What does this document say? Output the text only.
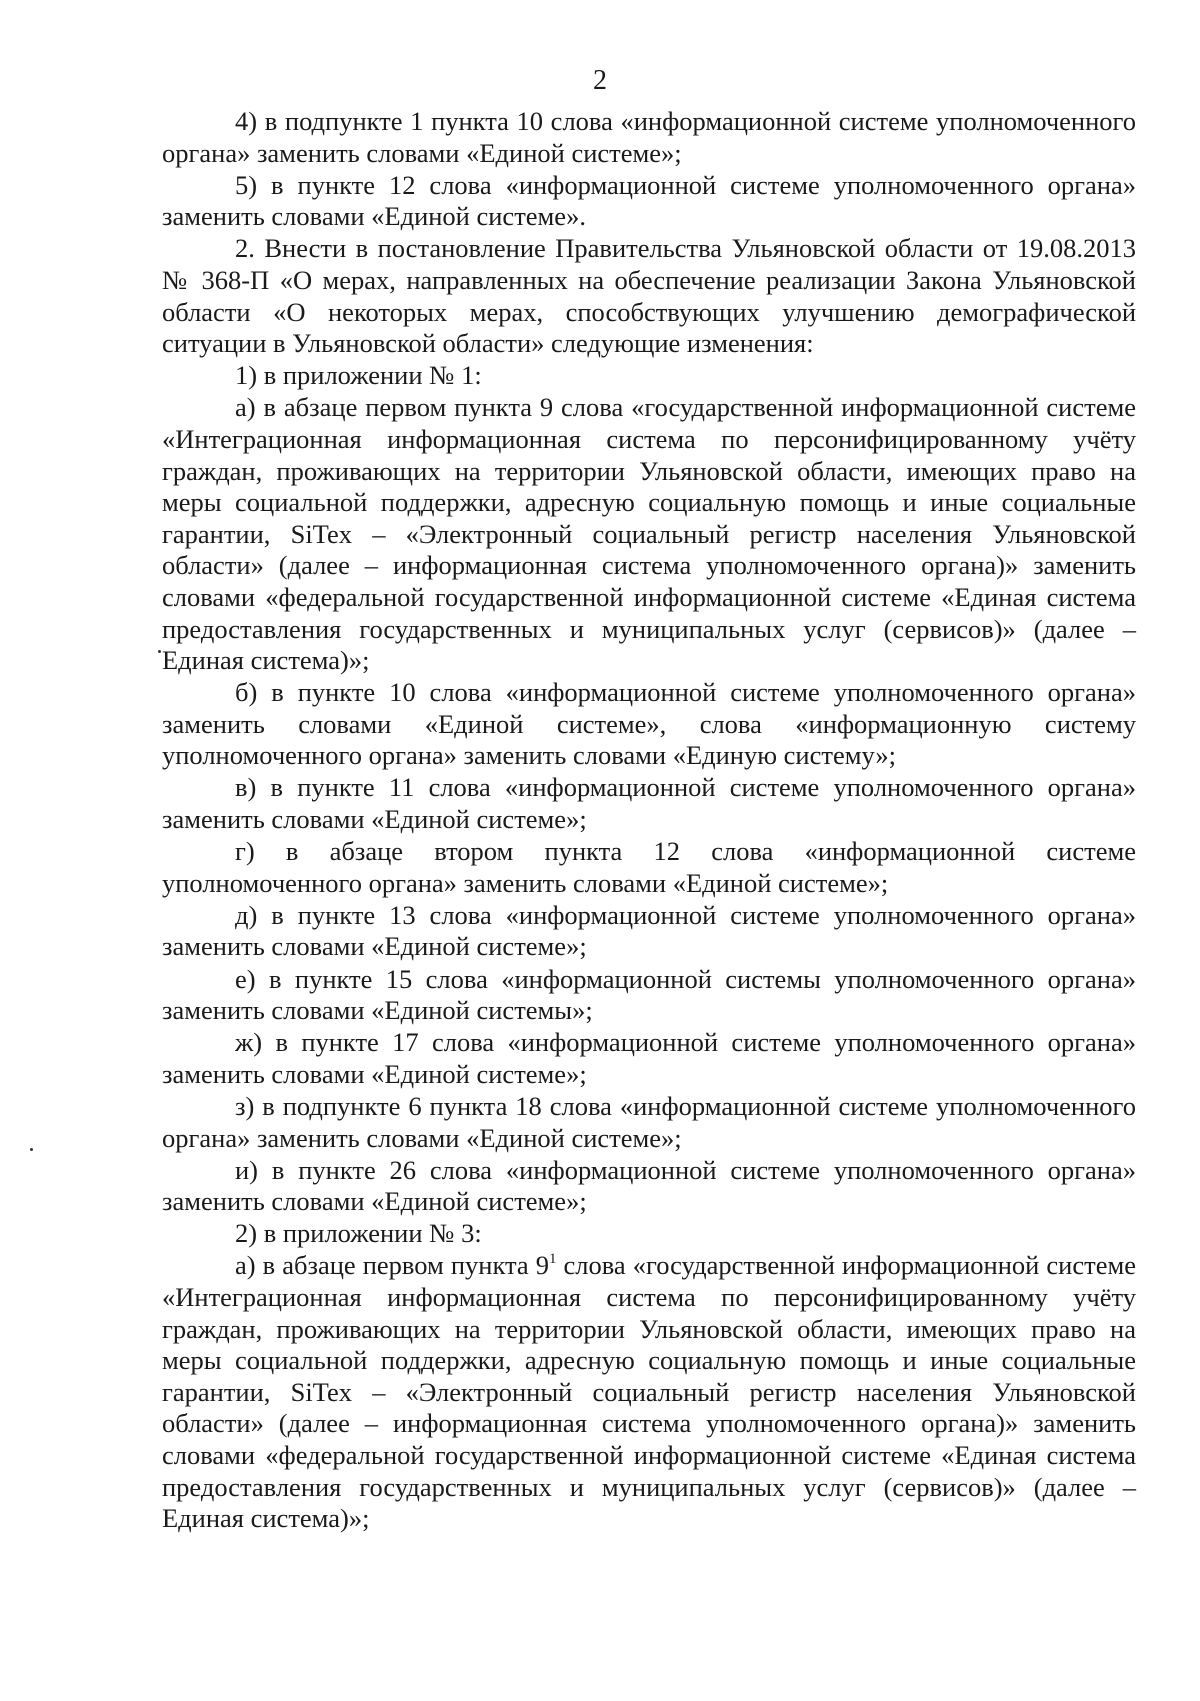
2

4) в подпункте 1 пункта 10 слова «информационной системе уполномоченного органа» заменить словами «Единой системе»;

5) в пункте 12 слова «информационной системе уполномоченного органа» заменить словами «Единой системе».

2. Внести в постановление Правительства Ульяновской области от 19.08.2013 № 368-П «О мерах, направленных на обеспечение реализации Закона Ульяновской области «О некоторых мерах, способствующих улучшению демографической ситуации в Ульяновской области» следующие изменения:

1) в приложении № 1:

а) в абзаце первом пункта 9 слова «государственной информационной системе «Интеграционная информационная система по персонифицированному учёту граждан, проживающих на территории Ульяновской области, имеющих право на меры социальной поддержки, адресную социальную помощь и иные социальные гарантии, SiTex – «Электронный социальный регистр населения Ульяновской области» (далее – информационная система уполномоченного органа)» заменить словами «федеральной государственной информационной системе «Единая система предоставления государственных и муниципальных услуг (сервисов)» (далее – Единая система)»;

б) в пункте 10 слова «информационной системе уполномоченного органа» заменить словами «Единой системе», слова «информационную систему уполномоченного органа» заменить словами «Единую систему»;

в) в пункте 11 слова «информационной системе уполномоченного органа» заменить словами «Единой системе»;

г) в абзаце втором пункта 12 слова «информационной системе уполномоченного органа» заменить словами «Единой системе»;

д) в пункте 13 слова «информационной системе уполномоченного органа» заменить словами «Единой системе»;

е) в пункте 15 слова «информационной системы уполномоченного органа» заменить словами «Единой системы»;

ж) в пункте 17 слова «информационной системе уполномоченного органа» заменить словами «Единой системе»;

з) в подпункте 6 пункта 18 слова «информационной системе уполномоченного органа» заменить словами «Единой системе»;

и) в пункте 26 слова «информационной системе уполномоченного органа» заменить словами «Единой системе»;

2) в приложении № 3:

а) в абзаце первом пункта $9^1$ слова «государственной информационной системе «Интеграционная информационная система по персонифицированному учёту граждан, проживающих на территории Ульяновской области, имеющих право на меры социальной поддержки, адресную социальную помощь и иные социальные гарантии, SiTex – «Электронный социальный регистр населения Ульяновской области» (далее – информационная система уполномоченного органа)» заменить словами «федеральной государственной информационной системе «Единая система предоставления государственных и муниципальных услуг (сервисов)» (далее – Единая система)»;
